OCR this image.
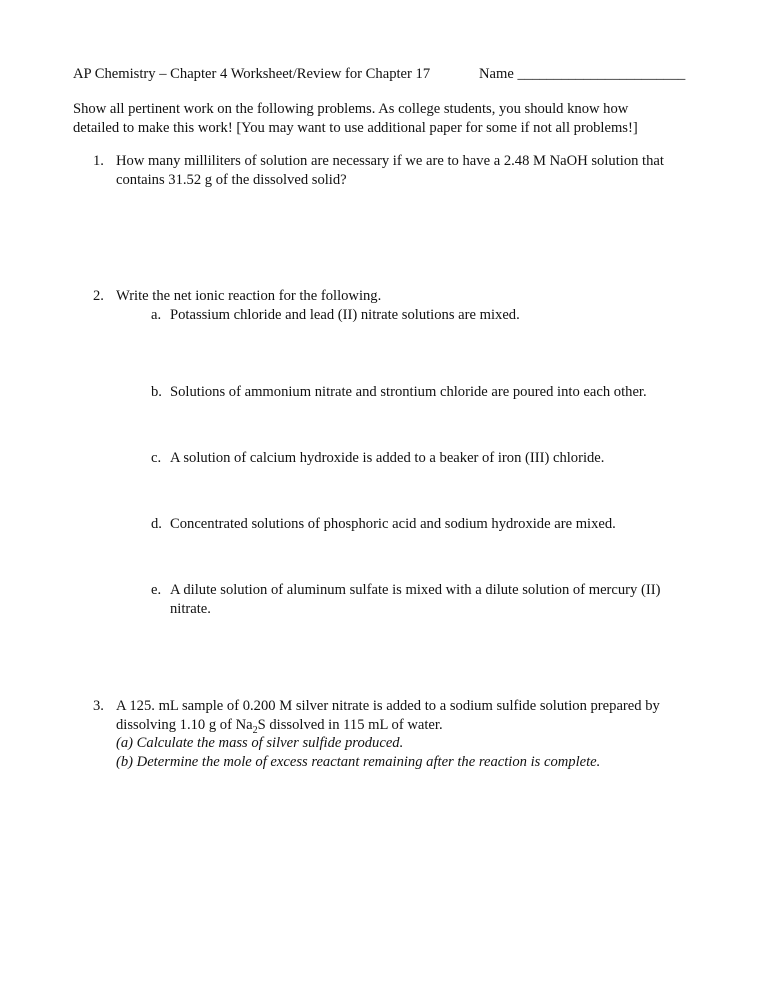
AP Chemistry – Chapter 4 Worksheet/Review for Chapter 17	Name _______________________
Show all pertinent work on the following problems. As college students, you should know how
detailed to make this work! [You may want to use additional paper for some if not all problems!]
1. How many milliliters of solution are necessary if we are to have a 2.48 M NaOH solution that
contains 31.52 g of the dissolved solid?
2. Write the net ionic reaction for the following.
a. Potassium chloride and lead (II) nitrate solutions are mixed.
b. Solutions of ammonium nitrate and strontium chloride are poured into each other.
c. A solution of calcium hydroxide is added to a beaker of iron (III) chloride.
d. Concentrated solutions of phosphoric acid and sodium hydroxide are mixed.
e. A dilute solution of aluminum sulfate is mixed with a dilute solution of mercury (II)
nitrate.
3. A 125. mL sample of 0.200 M silver nitrate is added to a sodium sulfide solution prepared by
dissolving 1.10 g of $Na_2S$ dissolved in 115 mL of water.
(a) Calculate the mass of silver sulfide produced.
(b) Determine the mole of excess reactant remaining after the reaction is complete.
